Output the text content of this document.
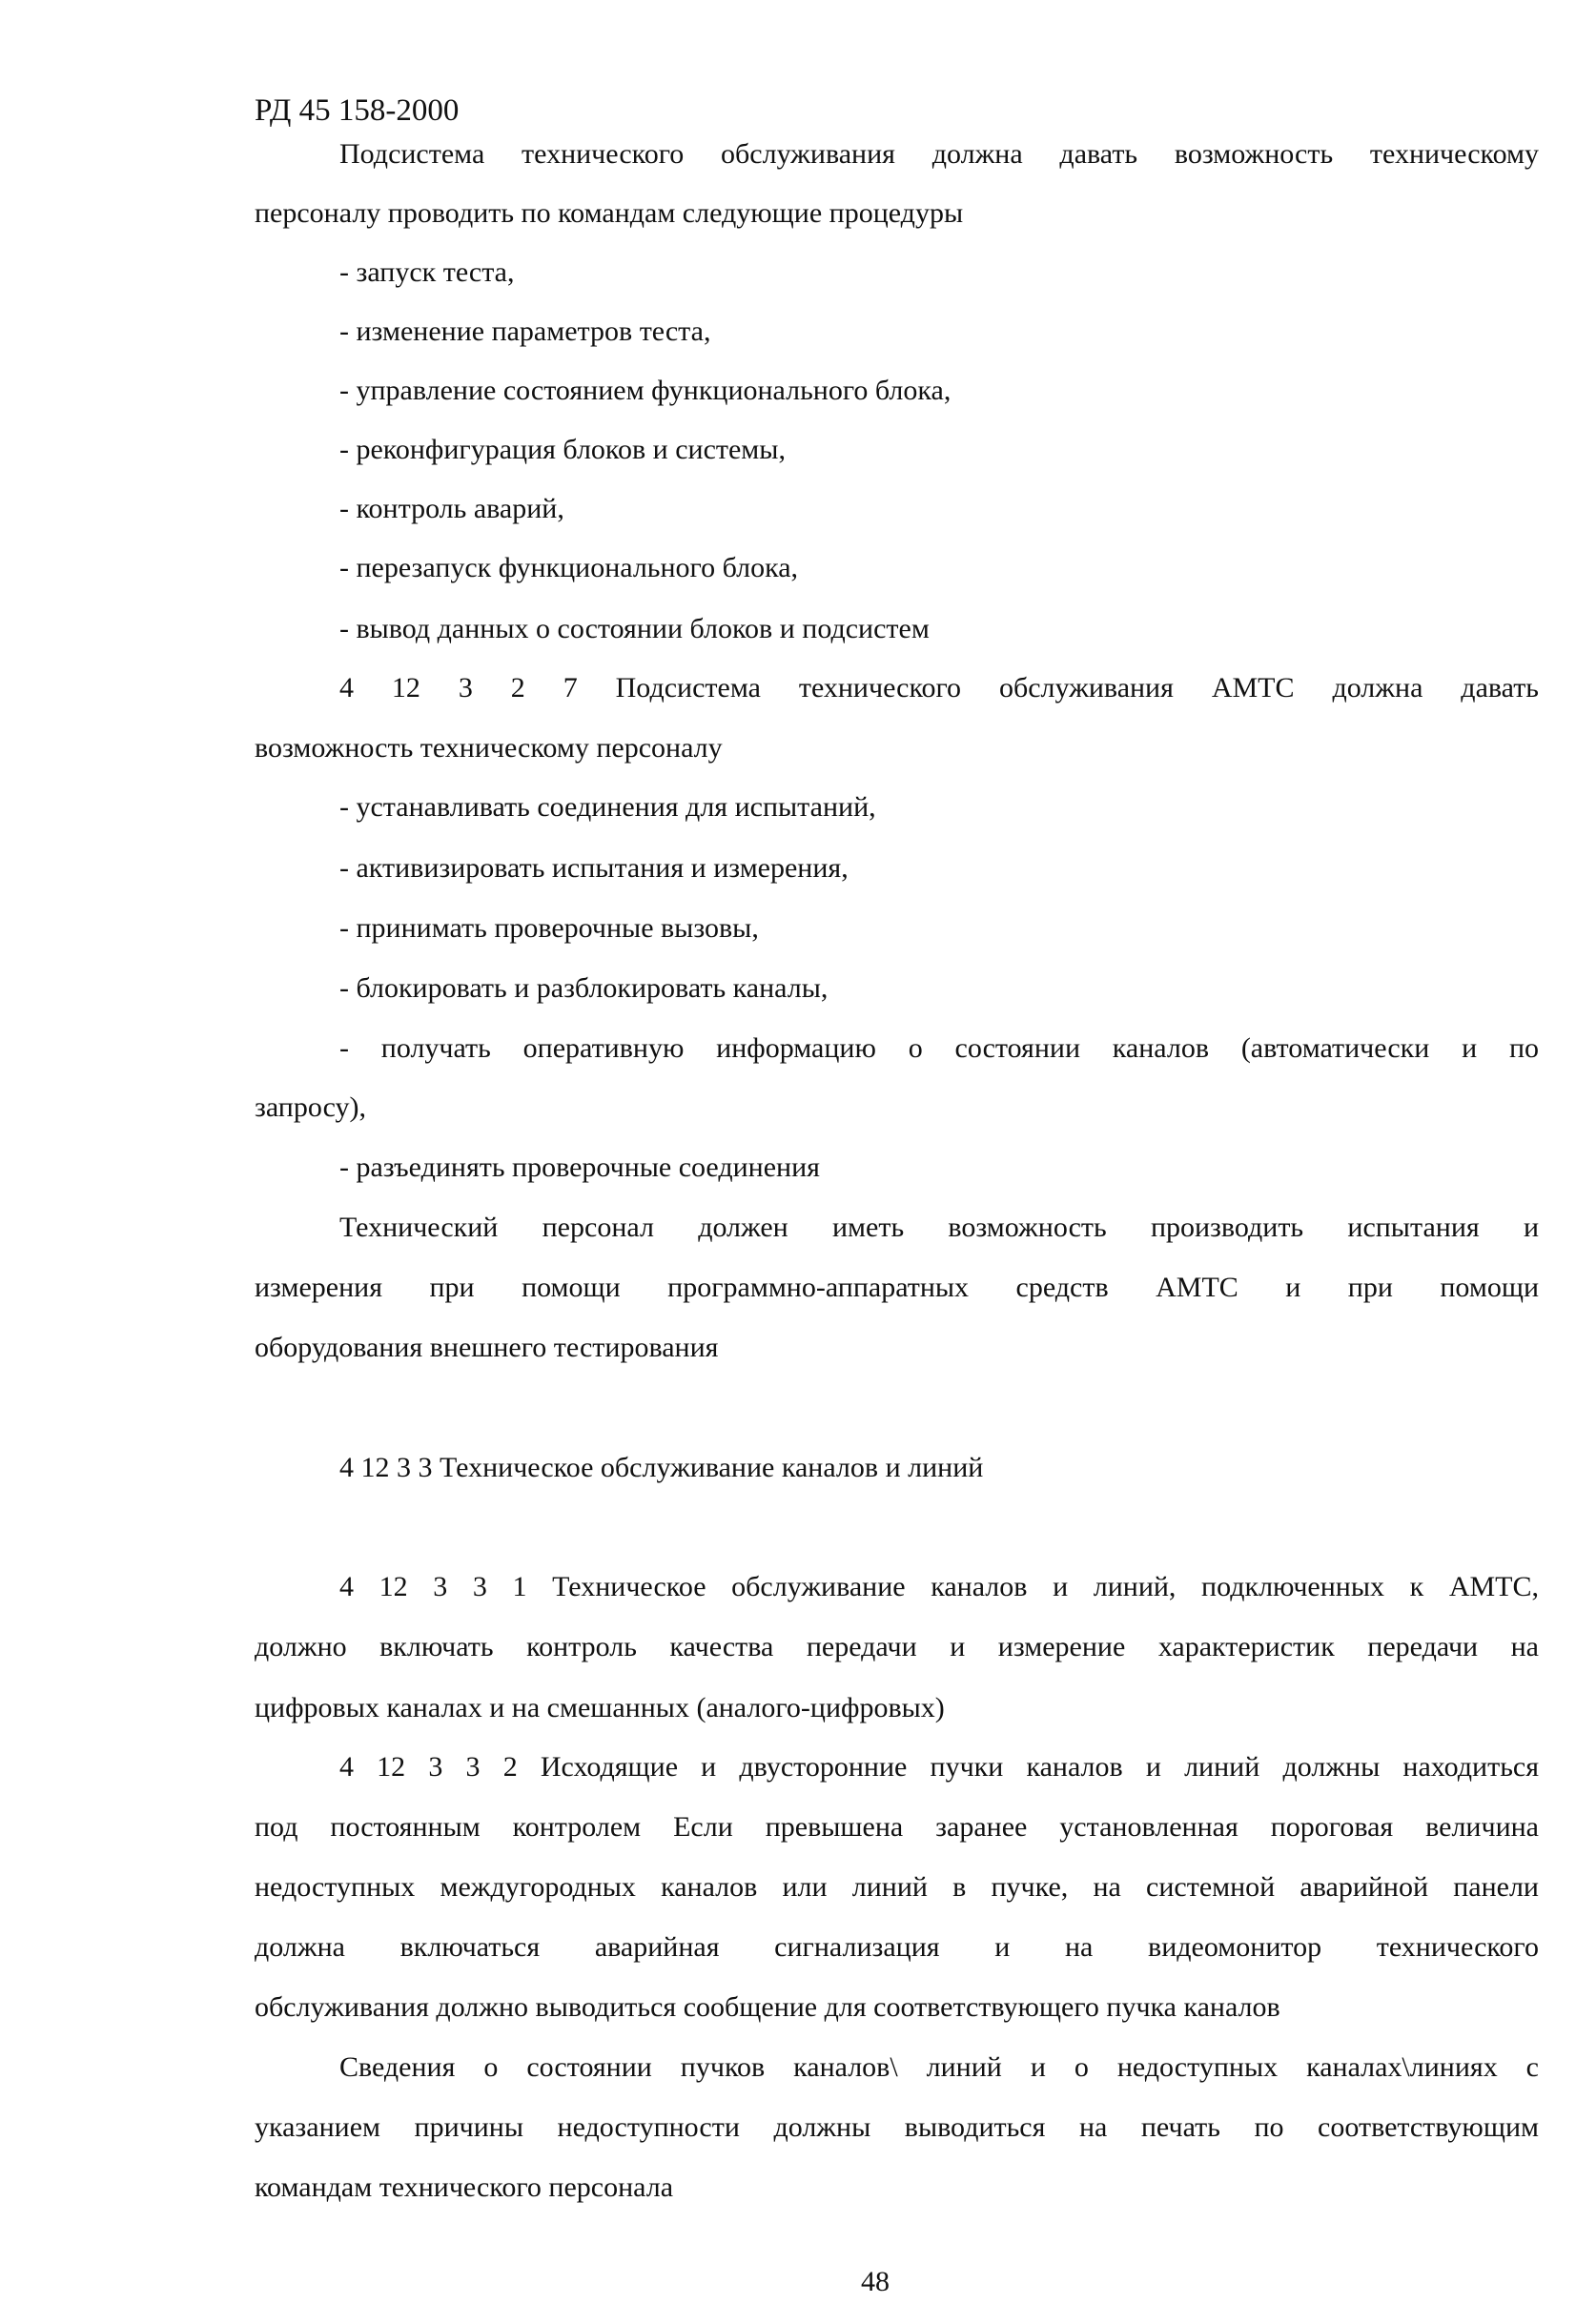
РД 45 158-2000

Подсистема технического обслуживания должна давать возможность техническому

персоналу проводить по командам следующие процедуры

- запуск теста,

- изменение параметров теста,

- управление состоянием функционального блока,

- реконфигурация блоков и системы,

- контроль аварий,

- перезапуск функционального блока,

- вывод данных о состоянии блоков и подсистем

4 12 3 2 7 Подсистема технического обслуживания АМТС должна давать

возможность техническому персоналу

- устанавливать соединения для испытаний,

- активизировать испытания и измерения,

- принимать проверочные вызовы,

- блокировать и разблокировать каналы,

- получать оперативную информацию о состоянии каналов (автоматически и по

запросу),

- разъединять проверочные соединения

Технический персонал должен иметь возможность производить испытания и

измерения при помощи программно-аппаратных средств АМТС и при помощи

оборудования внешнего тестирования

4 12 3 3 Техническое обслуживание каналов и линий

4 12 3 3 1 Техническое обслуживание каналов и линий, подключенных к АМТС,

должно включать контроль качества передачи и измерение характеристик передачи на

цифровых каналах и на смешанных (аналого-цифровых)

4 12 3 3 2 Исходящие и двусторонние пучки каналов и линий должны находиться

под постоянным контролем Если превышена заранее установленная пороговая величина

недоступных междугородных каналов или линий в пучке, на системной аварийной панели

должна включаться аварийная сигнализация и на видеомонитор технического

обслуживания должно выводиться сообщение для соответствующего пучка каналов

Сведения о состоянии пучков каналов\ линий и о недоступных каналах\линиях с

указанием причины недоступности должны выводиться на печать по соответствующим

командам технического персонала

48
